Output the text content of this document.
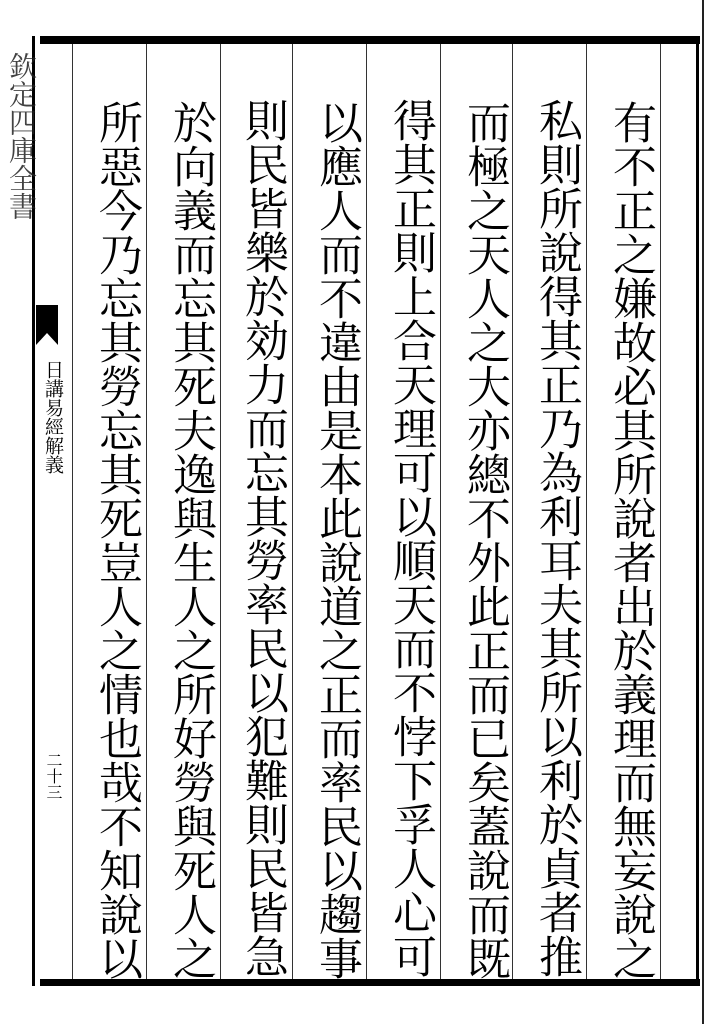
欽定四庫全書
日講易經解義
二十三	有不正之嫌故必其所說者出於義理而無妄說之
私則所說得其正乃為利耳夫其所以利於貞者推
而極之天人之大亦總不外此正而已矣蓋說而既
得其正則上合天理可以順天而不悖下孚人心可
以應人而不違由是本此說道之正而率民以趨事
則民皆樂於効力而忘其勞率民以犯難則民皆急
於向義而忘其死夫逸與生人之所好勞與死人之
所惡今乃忘其勞忘其死豈人之情也哉不知說以
